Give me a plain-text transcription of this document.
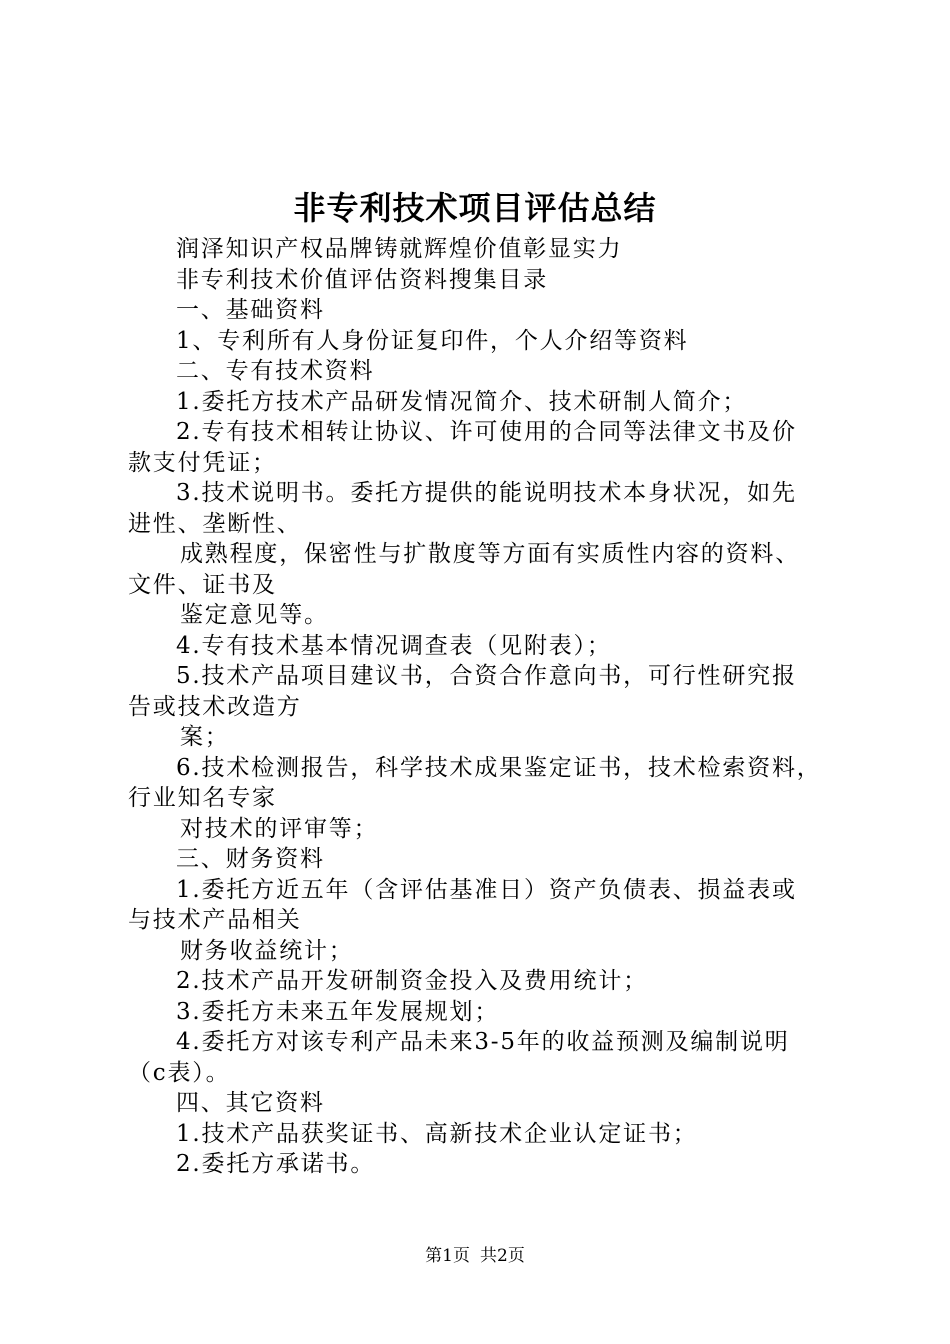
非专利技术项目评估总结
润泽知识产权品牌铸就辉煌价值彰显实力
非专利技术价值评估资料搜集目录
一、基础资料
1、专利所有人身份证复印件，个人介绍等资料
二、专有技术资料
1.委托方技术产品研发情况简介、技术研制人简介；
2.专有技术相转让协议、许可使用的合同等法律文书及价
款支付凭证；
3.技术说明书。委托方提供的能说明技术本身状况，如先
进性、垄断性、
成熟程度，保密性与扩散度等方面有实质性内容的资料、
文件、证书及
鉴定意见等。
4.专有技术基本情况调查表（见附表）；
5.技术产品项目建议书，合资合作意向书，可行性研究报
告或技术改造方
案；
6.技术检测报告，科学技术成果鉴定证书，技术检索资料，
行业知名专家
对技术的评审等；
三、财务资料
1.委托方近五年（含评估基准日）资产负债表、损益表或
与技术产品相关
财务收益统计；
2.技术产品开发研制资金投入及费用统计；
3.委托方未来五年发展规划；
4.委托方对该专利产品未来3-5年的收益预测及编制说明
（c表）。
四、其它资料
1.技术产品获奖证书、高新技术企业认定证书；
2.委托方承诺书。
第1页 共2页
